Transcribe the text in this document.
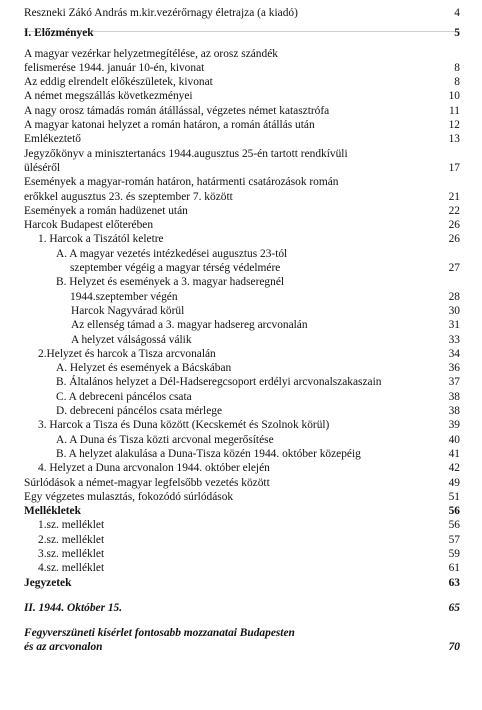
Reszneki Zákó András m.kir.vezérőrnagy életrajza (a kiadó)	4
I. Előzmények	5
A magyar vezérkar helyzetmegítélése, az orosz szándék
felismerése 1944. január 10-én, kivonat	8
Az eddig elrendelt előkészületek, kivonat	8
A német megszállás következményei	10
A nagy orosz támadás román átállással, végzetes német katasztrófa	11
A magyar katonai helyzet a román határon, a román átállás után	12
Emlékeztető	13
Jegyzőkönyv a minisztertanács 1944.augusztus 25-én tartott rendkívüli
üléséről	17
Események a magyar-román határon, határmenti csatározások román
erőkkel augusztus 23. és szeptember 7. között	21
Események a román hadüzenet után	22
Harcok Budapest előterében	26
1. Harcok a Tiszától keletre	26
A. A magyar vezetés intézkedései augusztus 23-tól
szeptember végéig a magyar térség védelmére	27
B. Helyzet és események a 3. magyar hadseregnél
1944.szeptember végén	28
Harcok Nagyvárad körül	30
Az ellenség támad a 3. magyar hadsereg arcvonalán	31
A helyzet válságossá válik	33
2.Helyzet és harcok a Tisza arcvonalán	34
A. Helyzet és események a Bácskában	36
B. Általános helyzet a Dél-Hadseregcsoport erdélyi arcvonalszakaszain	37
C. A debreceni páncélos csata	38
D. debreceni páncélos csata mérlege	38
3. Harcok a Tisza és Duna között (Kecskemét és Szolnok körül)	39
A. A Duna és Tisza közti arcvonal megerősítése	40
B. A helyzet alakulása a Duna-Tisza közén 1944. október közepéig	41
4. Helyzet a Duna arcvonalon 1944. október elején	42
Súrlódások a német-magyar legfelsőbb vezetés között	49
Egy végzetes mulasztás, fokozódó súrlódások	51
Mellékletek	56
1.sz. melléklet	56
2.sz. melléklet	57
3.sz. melléklet	59
4.sz. melléklet	61
Jegyzetek	63
II. 1944. Október 15.	65
Fegyverszüneti kísérlet fontosabb mozzanatai Budapesten
és az arcvonalon	70
